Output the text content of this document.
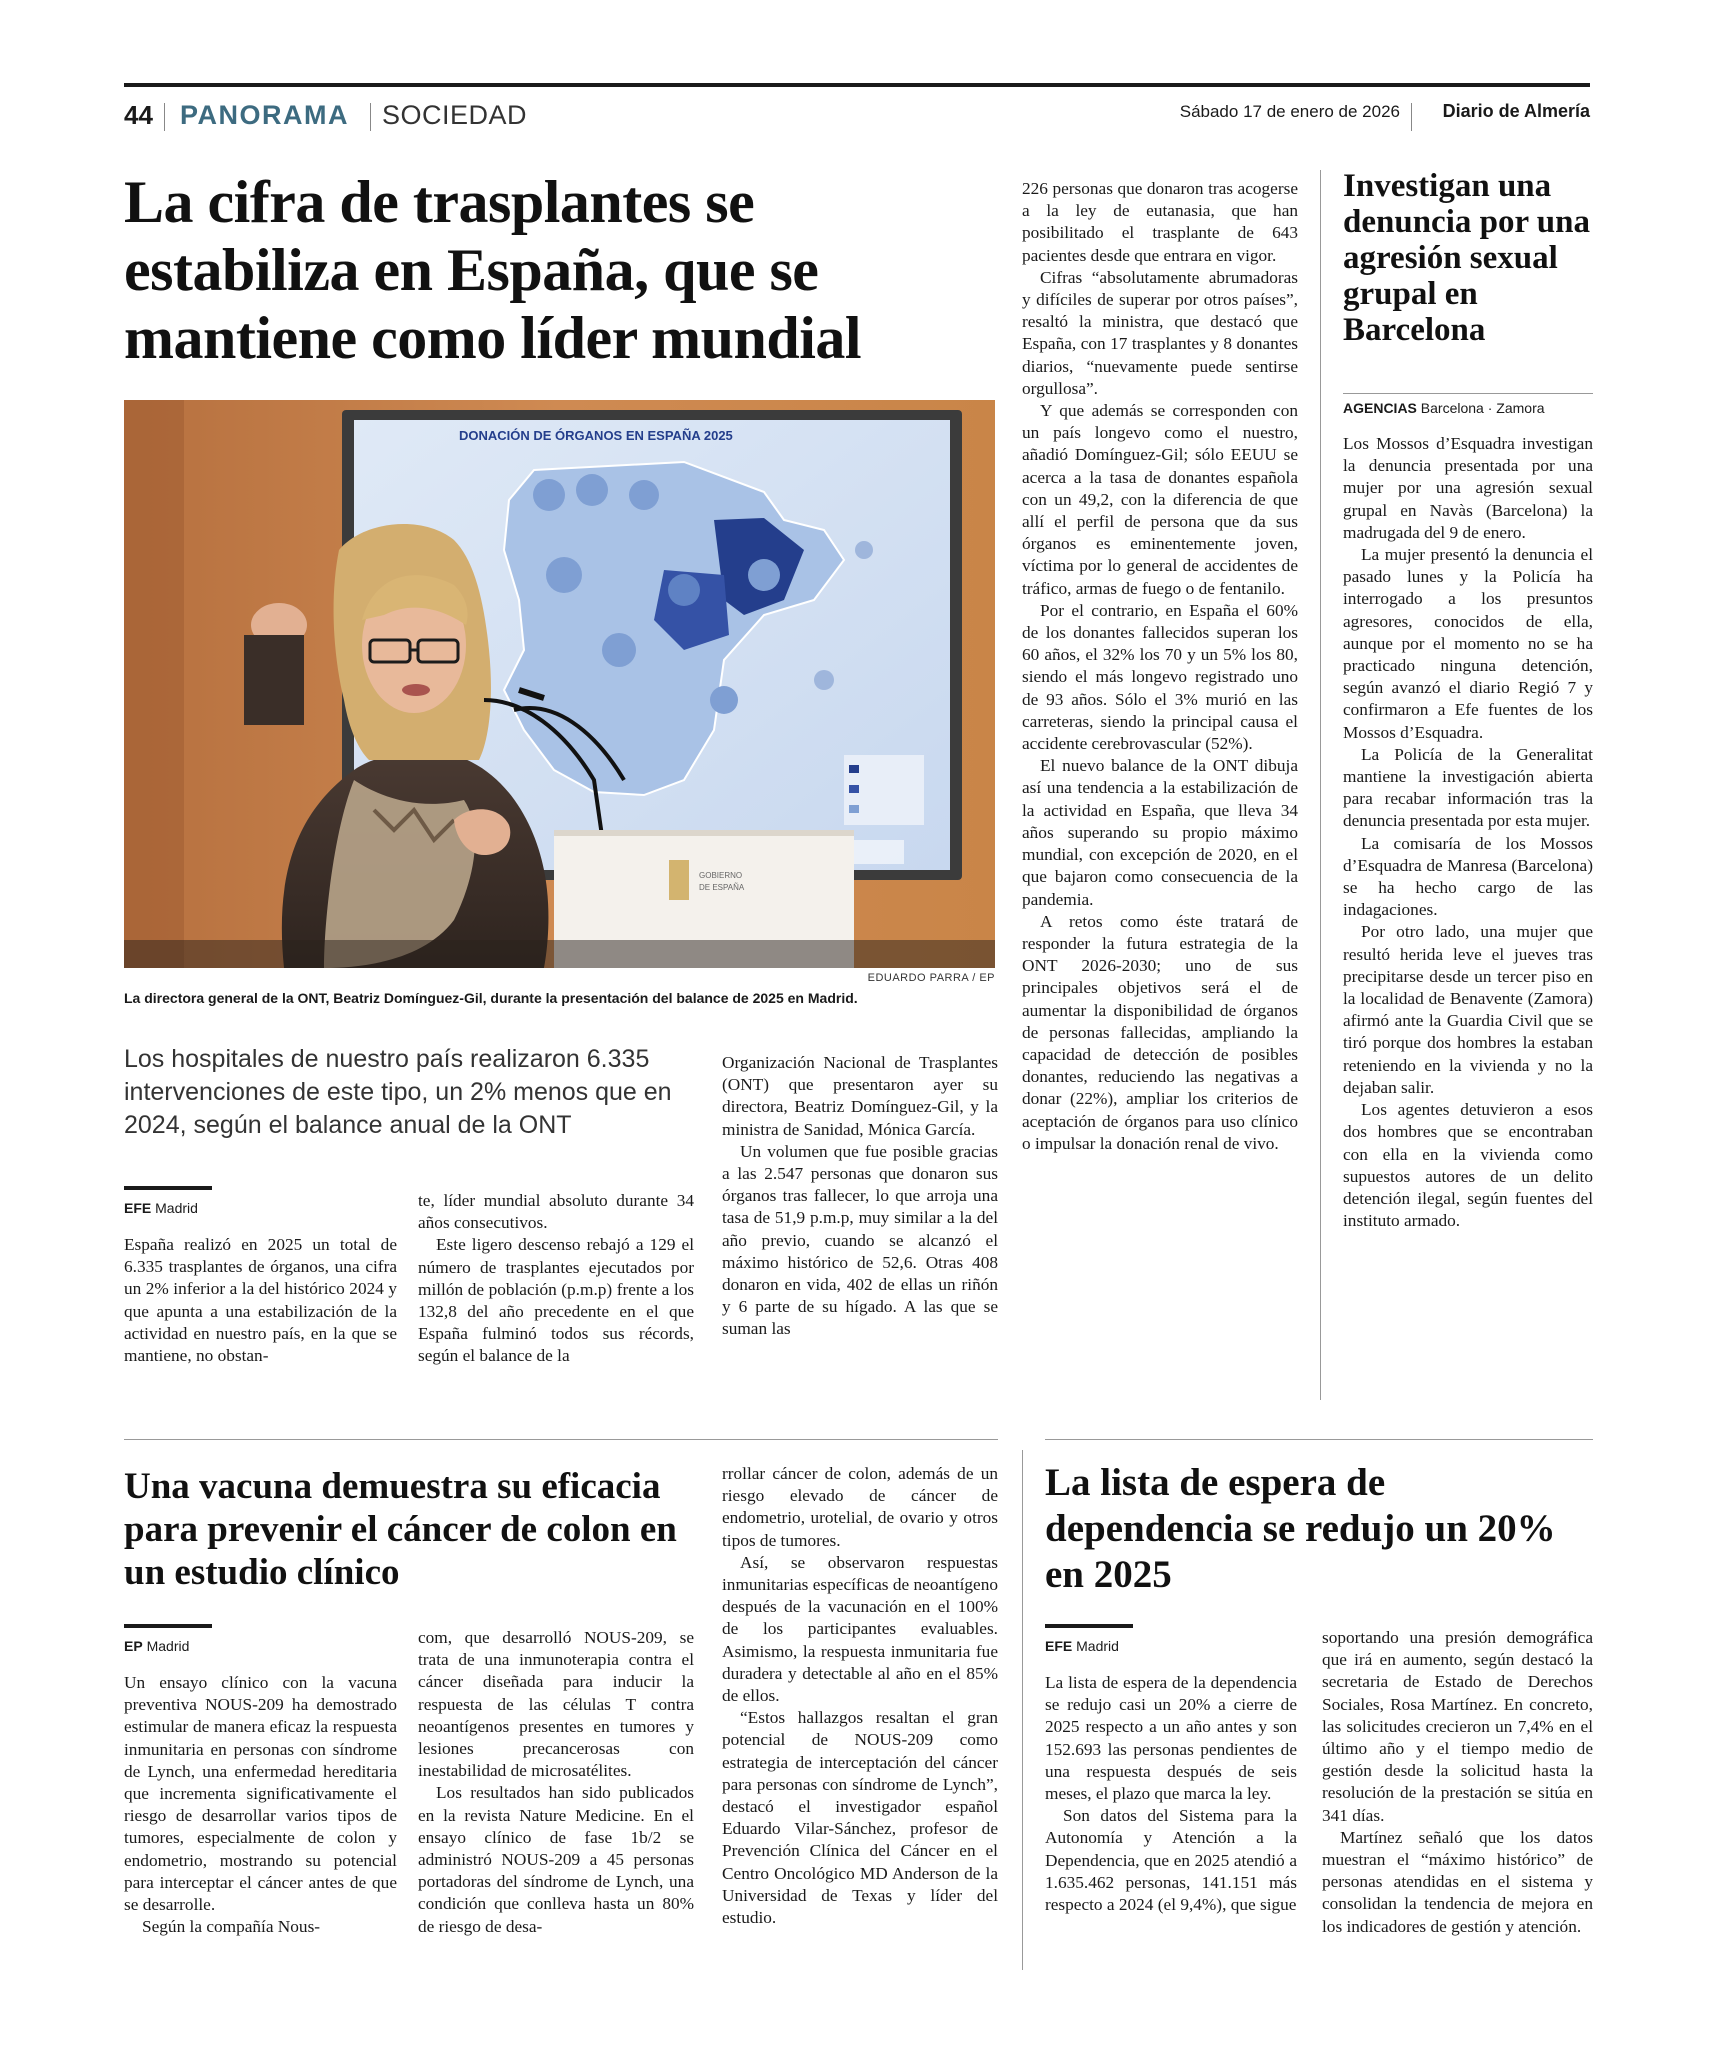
44 PANORAMA SOCIEDAD	Sábado 17 de enero de 2026 Diario de Almería
La cifra de trasplantes se estabiliza en España, que se mantiene como líder mundial
DONACIÓN DE ÓRGANOS EN ESPAÑA 2025
GOBIERNO
DE ESPAÑA
EDUARDO PARRA / EP
La directora general de la ONT, Beatriz Domínguez-Gil, durante la presentación del balance de 2025 en Madrid.
Los hospitales de nuestro país realizaron 6.335 intervenciones de este tipo, un 2% menos que en 2024, según el balance anual de la ONT
EFE Madrid

España realizó en 2025 un total de 6.335 trasplantes de órganos, una cifra un 2% inferior a la del histórico 2024 y que apunta a una estabilización de la actividad en nuestro país, en la que se mantiene, no obstan-

te, líder mundial absoluto durante 34 años consecutivos.

Este ligero descenso rebajó a 129 el número de trasplantes ejecutados por millón de población (p.m.p) frente a los 132,8 del año precedente en el que España fulminó todos sus récords, según el balance de la

Organización Nacional de Trasplantes (ONT) que presentaron ayer su directora, Beatriz Domínguez-Gil, y la ministra de Sanidad, Mónica García.

Un volumen que fue posible gracias a las 2.547 personas que donaron sus órganos tras fallecer, lo que arroja una tasa de 51,9 p.m.p, muy similar a la del año previo, cuando se alcanzó el máximo histórico de 52,6. Otras 408 donaron en vida, 402 de ellas un riñón y 6 parte de su hígado. A las que se suman las

226 personas que donaron tras acogerse a la ley de eutanasia, que han posibilitado el trasplante de 643 pacientes desde que entrara en vigor.

Cifras “absolutamente abrumadoras y difíciles de superar por otros países”, resaltó la ministra, que destacó que España, con 17 trasplantes y 8 donantes diarios, “nuevamente puede sentirse orgullosa”.

Y que además se corresponden con un país longevo como el nuestro, añadió Domínguez-Gil; sólo EEUU se acerca a la tasa de donantes española con un 49,2, con la diferencia de que allí el perfil de persona que da sus órganos es eminentemente joven, víctima por lo general de accidentes de tráfico, armas de fuego o de fentanilo.

Por el contrario, en España el 60% de los donantes fallecidos superan los 60 años, el 32% los 70 y un 5% los 80, siendo el más longevo registrado uno de 93 años. Sólo el 3% murió en las carreteras, siendo la principal causa el accidente cerebrovascular (52%).

El nuevo balance de la ONT dibuja así una tendencia a la estabilización de la actividad en España, que lleva 34 años superando su propio máximo mundial, con excepción de 2020, en el que bajaron como consecuencia de la pandemia.

A retos como éste tratará de responder la futura estrategia de la ONT 2026-2030; uno de sus principales objetivos será el de aumentar la disponibilidad de órganos de personas fallecidas, ampliando la capacidad de detección de posibles donantes, reduciendo las negativas a donar (22%), ampliar los criterios de aceptación de órganos para uso clínico o impulsar la donación renal de vivo.

Investigan una denuncia por una agresión sexual grupal en Barcelona
AGENCIAS Barcelona · Zamora

Los Mossos d’Esquadra investigan la denuncia presentada por una mujer por una agresión sexual grupal en Navàs (Barcelona) la madrugada del 9 de enero.

La mujer presentó la denuncia el pasado lunes y la Policía ha interrogado a los presuntos agresores, conocidos de ella, aunque por el momento no se ha practicado ninguna detención, según avanzó el diario Regió 7 y confirmaron a Efe fuentes de los Mossos d’Esquadra.

La Policía de la Generalitat mantiene la investigación abierta para recabar información tras la denuncia presentada por esta mujer.

La comisaría de los Mossos d’Esquadra de Manresa (Barcelona) se ha hecho cargo de las indagaciones.

Por otro lado, una mujer que resultó herida leve el jueves tras precipitarse desde un tercer piso en la localidad de Benavente (Zamora) afirmó ante la Guardia Civil que se tiró porque dos hombres la estaban reteniendo en la vivienda y no la dejaban salir.

Los agentes detuvieron a esos dos hombres que se encontraban con ella en la vivienda como supuestos autores de un delito detención ilegal, según fuentes del instituto armado.

Una vacuna demuestra su eficacia para prevenir el cáncer de colon en un estudio clínico
EP Madrid

Un ensayo clínico con la vacuna preventiva NOUS-209 ha demostrado estimular de manera eficaz la respuesta inmunitaria en personas con síndrome de Lynch, una enfermedad hereditaria que incrementa significativamente el riesgo de desarrollar varios tipos de tumores, especialmente de colon y endometrio, mostrando su potencial para interceptar el cáncer antes de que se desarrolle.

Según la compañía Nous-

com, que desarrolló NOUS-209, se trata de una inmunoterapia contra el cáncer diseñada para inducir la respuesta de las células T contra neoantígenos presentes en tumores y lesiones precancerosas con inestabilidad de microsatélites.

Los resultados han sido publicados en la revista Nature Medicine. En el ensayo clínico de fase 1b/2 se administró NOUS-209 a 45 personas portadoras del síndrome de Lynch, una condición que conlleva hasta un 80% de riesgo de desa-

rrollar cáncer de colon, además de un riesgo elevado de cáncer de endometrio, urotelial, de ovario y otros tipos de tumores.

Así, se observaron respuestas inmunitarias específicas de neoantígeno después de la vacunación en el 100% de los participantes evaluables. Asimismo, la respuesta inmunitaria fue duradera y detectable al año en el 85% de ellos.

“Estos hallazgos resaltan el gran potencial de NOUS-209 como estrategia de interceptación del cáncer para personas con síndrome de Lynch”, destacó el investigador español Eduardo Vilar-Sánchez, profesor de Prevención Clínica del Cáncer en el Centro Oncológico MD Anderson de la Universidad de Texas y líder del estudio.

La lista de espera de dependencia se redujo un 20% en 2025
EFE Madrid

La lista de espera de la dependencia se redujo casi un 20% a cierre de 2025 respecto a un año antes y son 152.693 las personas pendientes de una respuesta después de seis meses, el plazo que marca la ley.

Son datos del Sistema para la Autonomía y Atención a la Dependencia, que en 2025 atendió a 1.635.462 personas, 141.151 más respecto a 2024 (el 9,4%), que sigue

soportando una presión demográfica que irá en aumento, según destacó la secretaria de Estado de Derechos Sociales, Rosa Martínez. En concreto, las solicitudes crecieron un 7,4% en el último año y el tiempo medio de gestión desde la solicitud hasta la resolución de la prestación se sitúa en 341 días.

Martínez señaló que los datos muestran el “máximo histórico” de personas atendidas en el sistema y consolidan la tendencia de mejora en los indicadores de gestión y atención.
